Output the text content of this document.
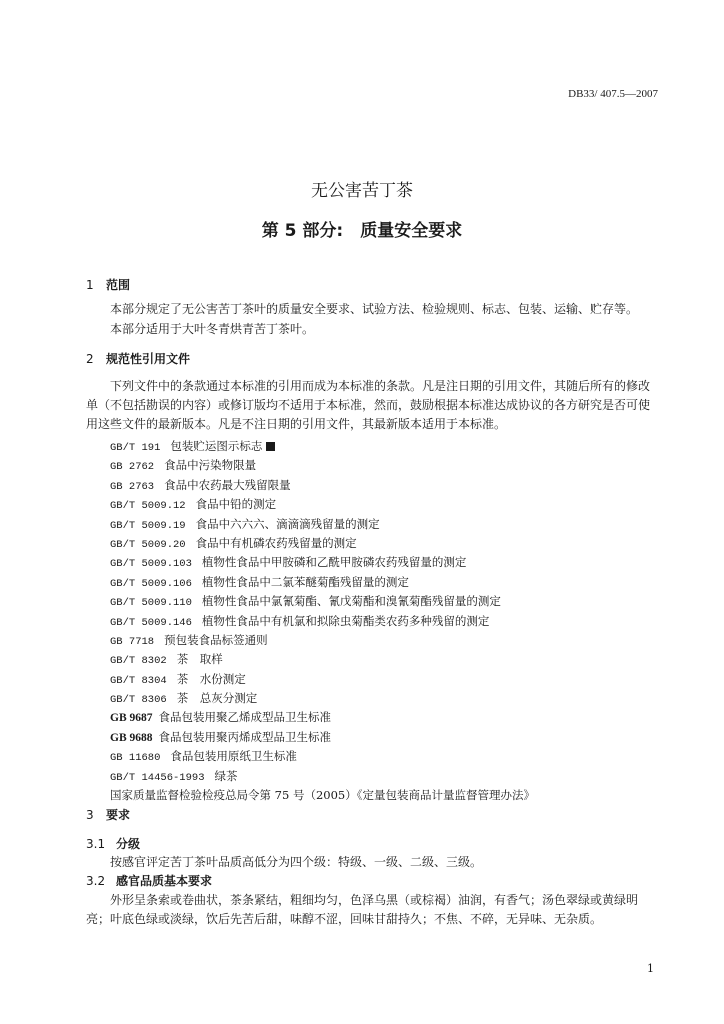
DB33/ 407.5—2007
无公害苦丁茶
第 5 部分:　质量安全要求
1 范围
本部分规定了无公害苦丁茶叶的质量安全要求、试验方法、检验规则、标志、包装、运输、贮存等。
本部分适用于大叶冬青烘青苦丁茶叶。
2 规范性引用文件
下列文件中的条款通过本标准的引用而成为本标准的条款。凡是注日期的引用文件，其随后所有的修改单（不包括勘误的内容）或修订版均不适用于本标准，然而，鼓励根据本标准达成协议的各方研究是否可使用这些文件的最新版本。凡是不注日期的引用文件，其最新版本适用于本标准。
GB/T 191 包装贮运图示标志
GB 2762 食品中污染物限量
GB 2763 食品中农药最大残留限量
GB/T 5009.12 食品中铅的测定
GB/T 5009.19 食品中六六六、滴滴滴残留量的测定
GB/T 5009.20 食品中有机磷农药残留量的测定
GB/T 5009.103 植物性食品中甲胺磷和乙酰甲胺磷农药残留量的测定
GB/T 5009.106 植物性食品中二氯苯醚菊酯残留量的测定
GB/T 5009.110 植物性食品中氯氰菊酯、氰戊菊酯和溴氰菊酯残留量的测定
GB/T 5009.146 植物性食品中有机氯和拟除虫菊酯类农药多种残留的测定
GB 7718 预包装食品标签通则
GB/T 8302 茶　取样
GB/T 8304 茶　水份测定
GB/T 8306 茶　总灰分测定
GB 9687 食品包装用聚乙烯成型品卫生标准
GB 9688 食品包装用聚丙烯成型品卫生标准
GB 11680 食品包装用原纸卫生标准
GB/T 14456-1993 绿茶
国家质量监督检验检疫总局令第 75 号（2005）《定量包装商品计量监督管理办法》
3 要求
3.1 分级
按感官评定苦丁茶叶品质高低分为四个级：特级、一级、二级、三级。
3.2 感官品质基本要求
外形呈条索或卷曲状，茶条紧结，粗细均匀，色泽乌黑（或棕褐）油润，有香气；汤色翠绿或黄绿明亮；叶底色绿或淡绿，饮后先苦后甜，味醇不涩，回味甘甜持久；不焦、不碎，无异味、无杂质。
1
